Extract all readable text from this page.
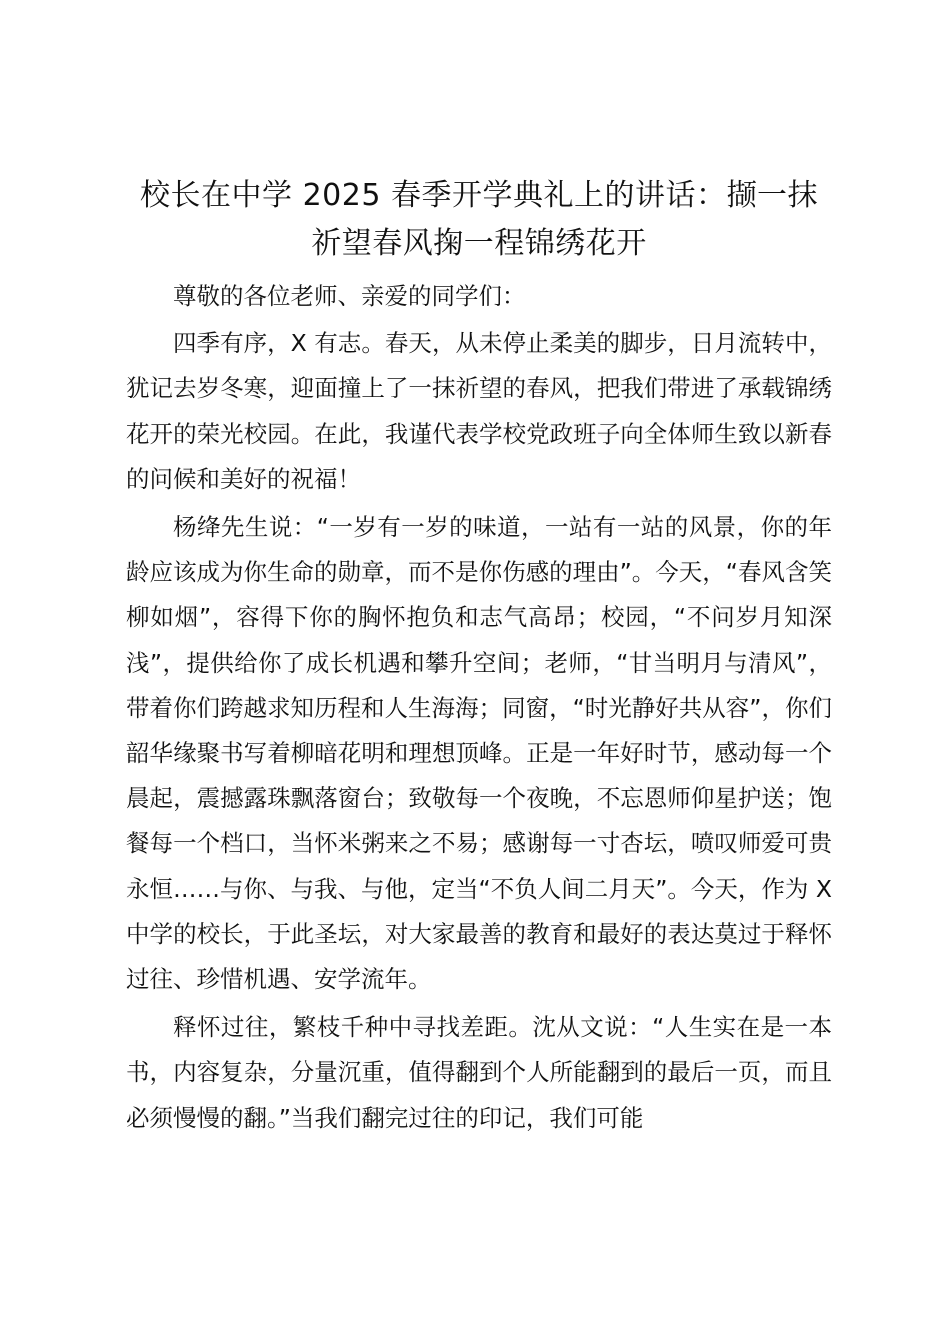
校长在中学 2025 春季开学典礼上的讲话：撷一抹祈望春风掬一程锦绣花开

尊敬的各位老师、亲爱的同学们：

四季有序，X 有志。春天，从未停止柔美的脚步，日月流转中，犹记去岁冬寒，迎面撞上了一抹祈望的春风，把我们带进了承载锦绣花开的荣光校园。在此，我谨代表学校党政班子向全体师生致以新春的问候和美好的祝福！

杨绛先生说：“一岁有一岁的味道，一站有一站的风景，你的年龄应该成为你生命的勋章，而不是你伤感的理由”。今天，“春风含笑柳如烟”，容得下你的胸怀抱负和志气高昂；校园，“不问岁月知深浅”，提供给你了成长机遇和攀升空间；老师，“甘当明月与清风”，带着你们跨越求知历程和人生海海；同窗，“时光静好共从容”，你们韶华缘聚书写着柳暗花明和理想顶峰。正是一年好时节，感动每一个晨起，震撼露珠飘落窗台；致敬每一个夜晚，不忘恩师仰星护送；饱餐每一个档口，当怀米粥来之不易；感谢每一寸杏坛，喷叹师爱可贵永恒……与你、与我、与他，定当“不负人间二月天”。今天，作为 X 中学的校长，于此圣坛，对大家最善的教育和最好的表达莫过于释怀过往、珍惜机遇、安学流年。

释怀过往，繁枝千种中寻找差距。沈从文说：“人生实在是一本书，内容复杂，分量沉重，值得翻到个人所能翻到的最后一页，而且必须慢慢的翻。”当我们翻完过往的印记，我们可能
